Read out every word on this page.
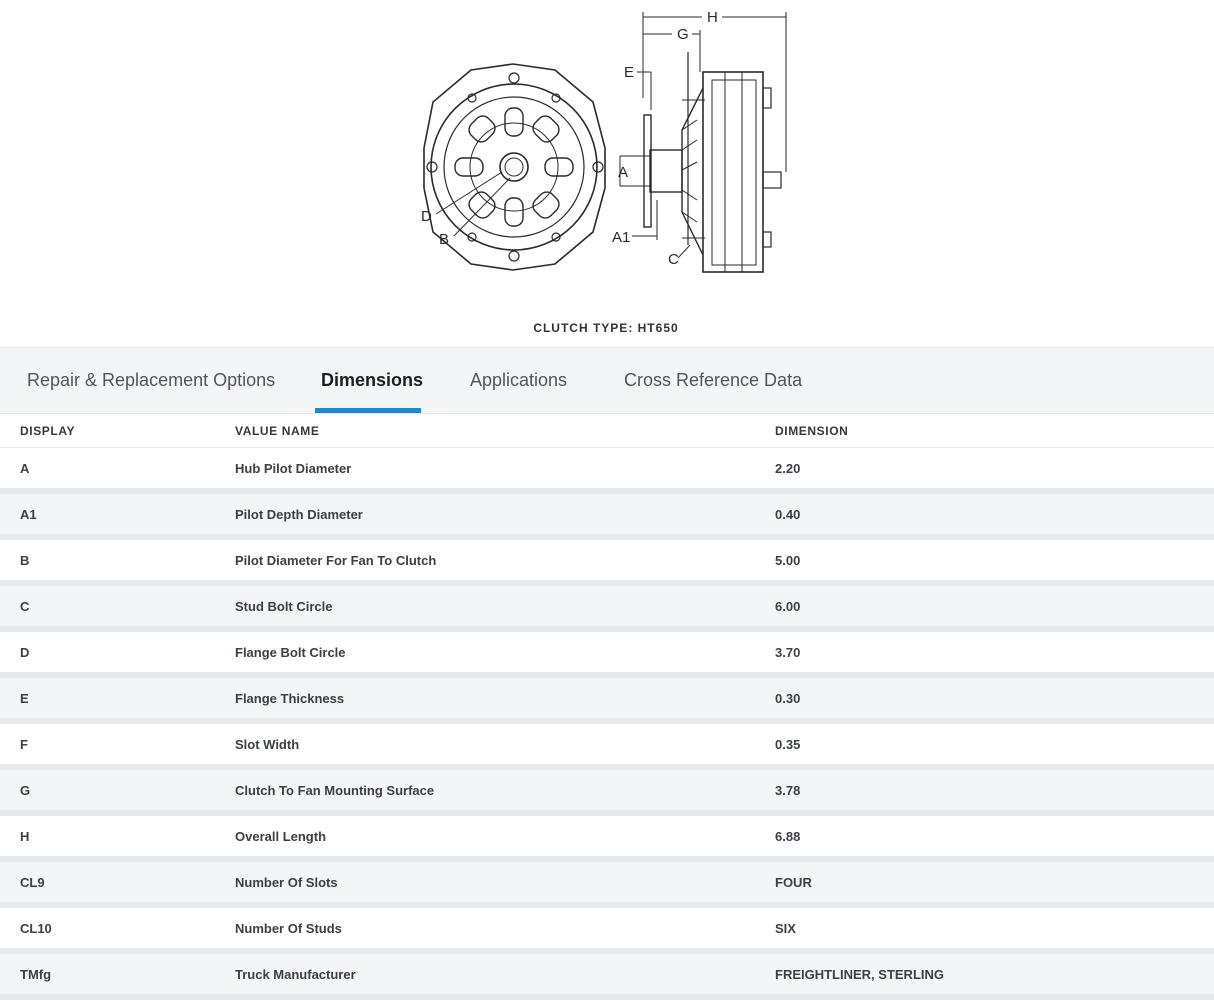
H
G
E
A
A1
C
D
B
CLUTCH TYPE: HT650
Repair & Replacement Options	Dimensions	Applications	Cross Reference Data
DISPLAY	VALUE NAME	DIMENSION
A	Hub Pilot Diameter	2.20
A1	Pilot Depth Diameter	0.40
B	Pilot Diameter For Fan To Clutch	5.00
C	Stud Bolt Circle	6.00
D	Flange Bolt Circle	3.70
E	Flange Thickness	0.30
F	Slot Width	0.35
G	Clutch To Fan Mounting Surface	3.78
H	Overall Length	6.88
CL9	Number Of Slots	FOUR
CL10	Number Of Studs	SIX
TMfg	Truck Manufacturer	FREIGHTLINER, STERLING
